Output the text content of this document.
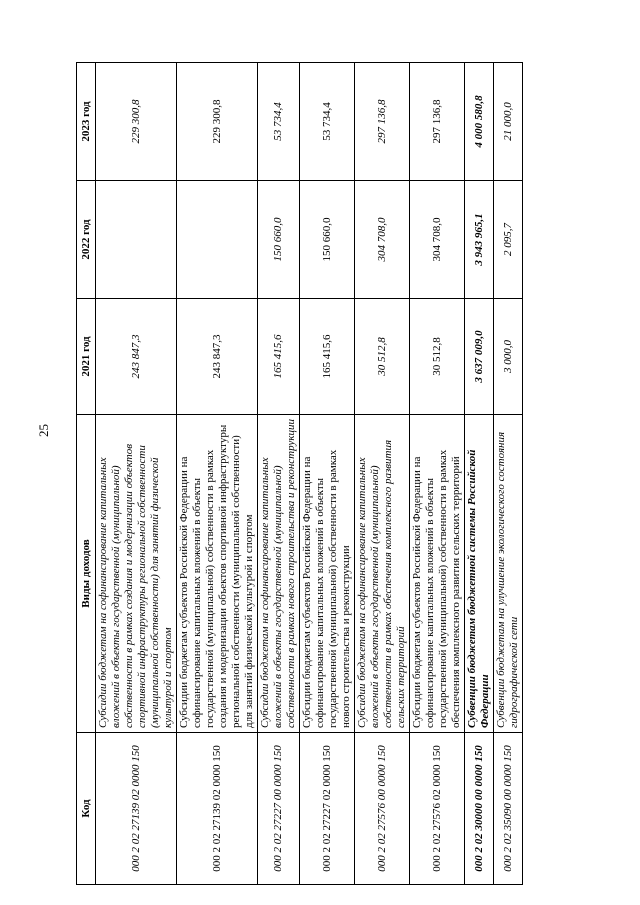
25
Код	Виды доходов	2021 год	2022 год	2023 год
000 2 02 27139 02 0000 150	Субсидии бюджетам на софинансирование капитальных вложений в объекты государственной (муниципальной) собственности в рамках создания и модернизации объектов спортивной инфраструктуры региональной собственности (муниципальной собственности) для занятий физической культурой и спортом	243 847,3		229 300,8
000 2 02 27139 02 0000 150	Субсидии бюджетам субъектов Российской Федерации на софинансирование капитальных вложений в объекты государственной (муниципальной) собственности в рамках создания и модернизации объектов спортивной инфраструктуры региональной собственности (муниципальной собственности) для занятий физической культурой и спортом	243 847,3		229 300,8
000 2 02 27227 00 0000 150	Субсидии бюджетам на софинансирование капитальных вложений в объекты государственной (муниципальной) собственности в рамках нового строительства и реконструкции	165 415,6	150 660,0	53 734,4
000 2 02 27227 02 0000 150	Субсидии бюджетам субъектов Российской Федерации на софинансирование капитальных вложений в объекты государственной (муниципальной) собственности в рамках нового строительства и реконструкции	165 415,6	150 660,0	53 734,4
000 2 02 27576 00 0000 150	Субсидии бюджетам на софинансирование капитальных вложений в объекты государственной (муниципальной) собственности в рамках обеспечения комплексного развития сельских территорий	30 512,8	304 708,0	297 136,8
000 2 02 27576 02 0000 150	Субсидии бюджетам субъектов Российской Федерации на софинансирование капитальных вложений в объекты государственной (муниципальной) собственности в рамках обеспечения комплексного развития сельских территорий	30 512,8	304 708,0	297 136,8
000 2 02 30000 00 0000 150	Субвенции бюджетам бюджетной системы Российской Федерации	3 637 009,0	3 943 965,1	4 000 580,8
000 2 02 35090 00 0000 150	Субвенции бюджетам на улучшение экологического состояния гидрографической сети	3 000,0	2 095,7	21 000,0
